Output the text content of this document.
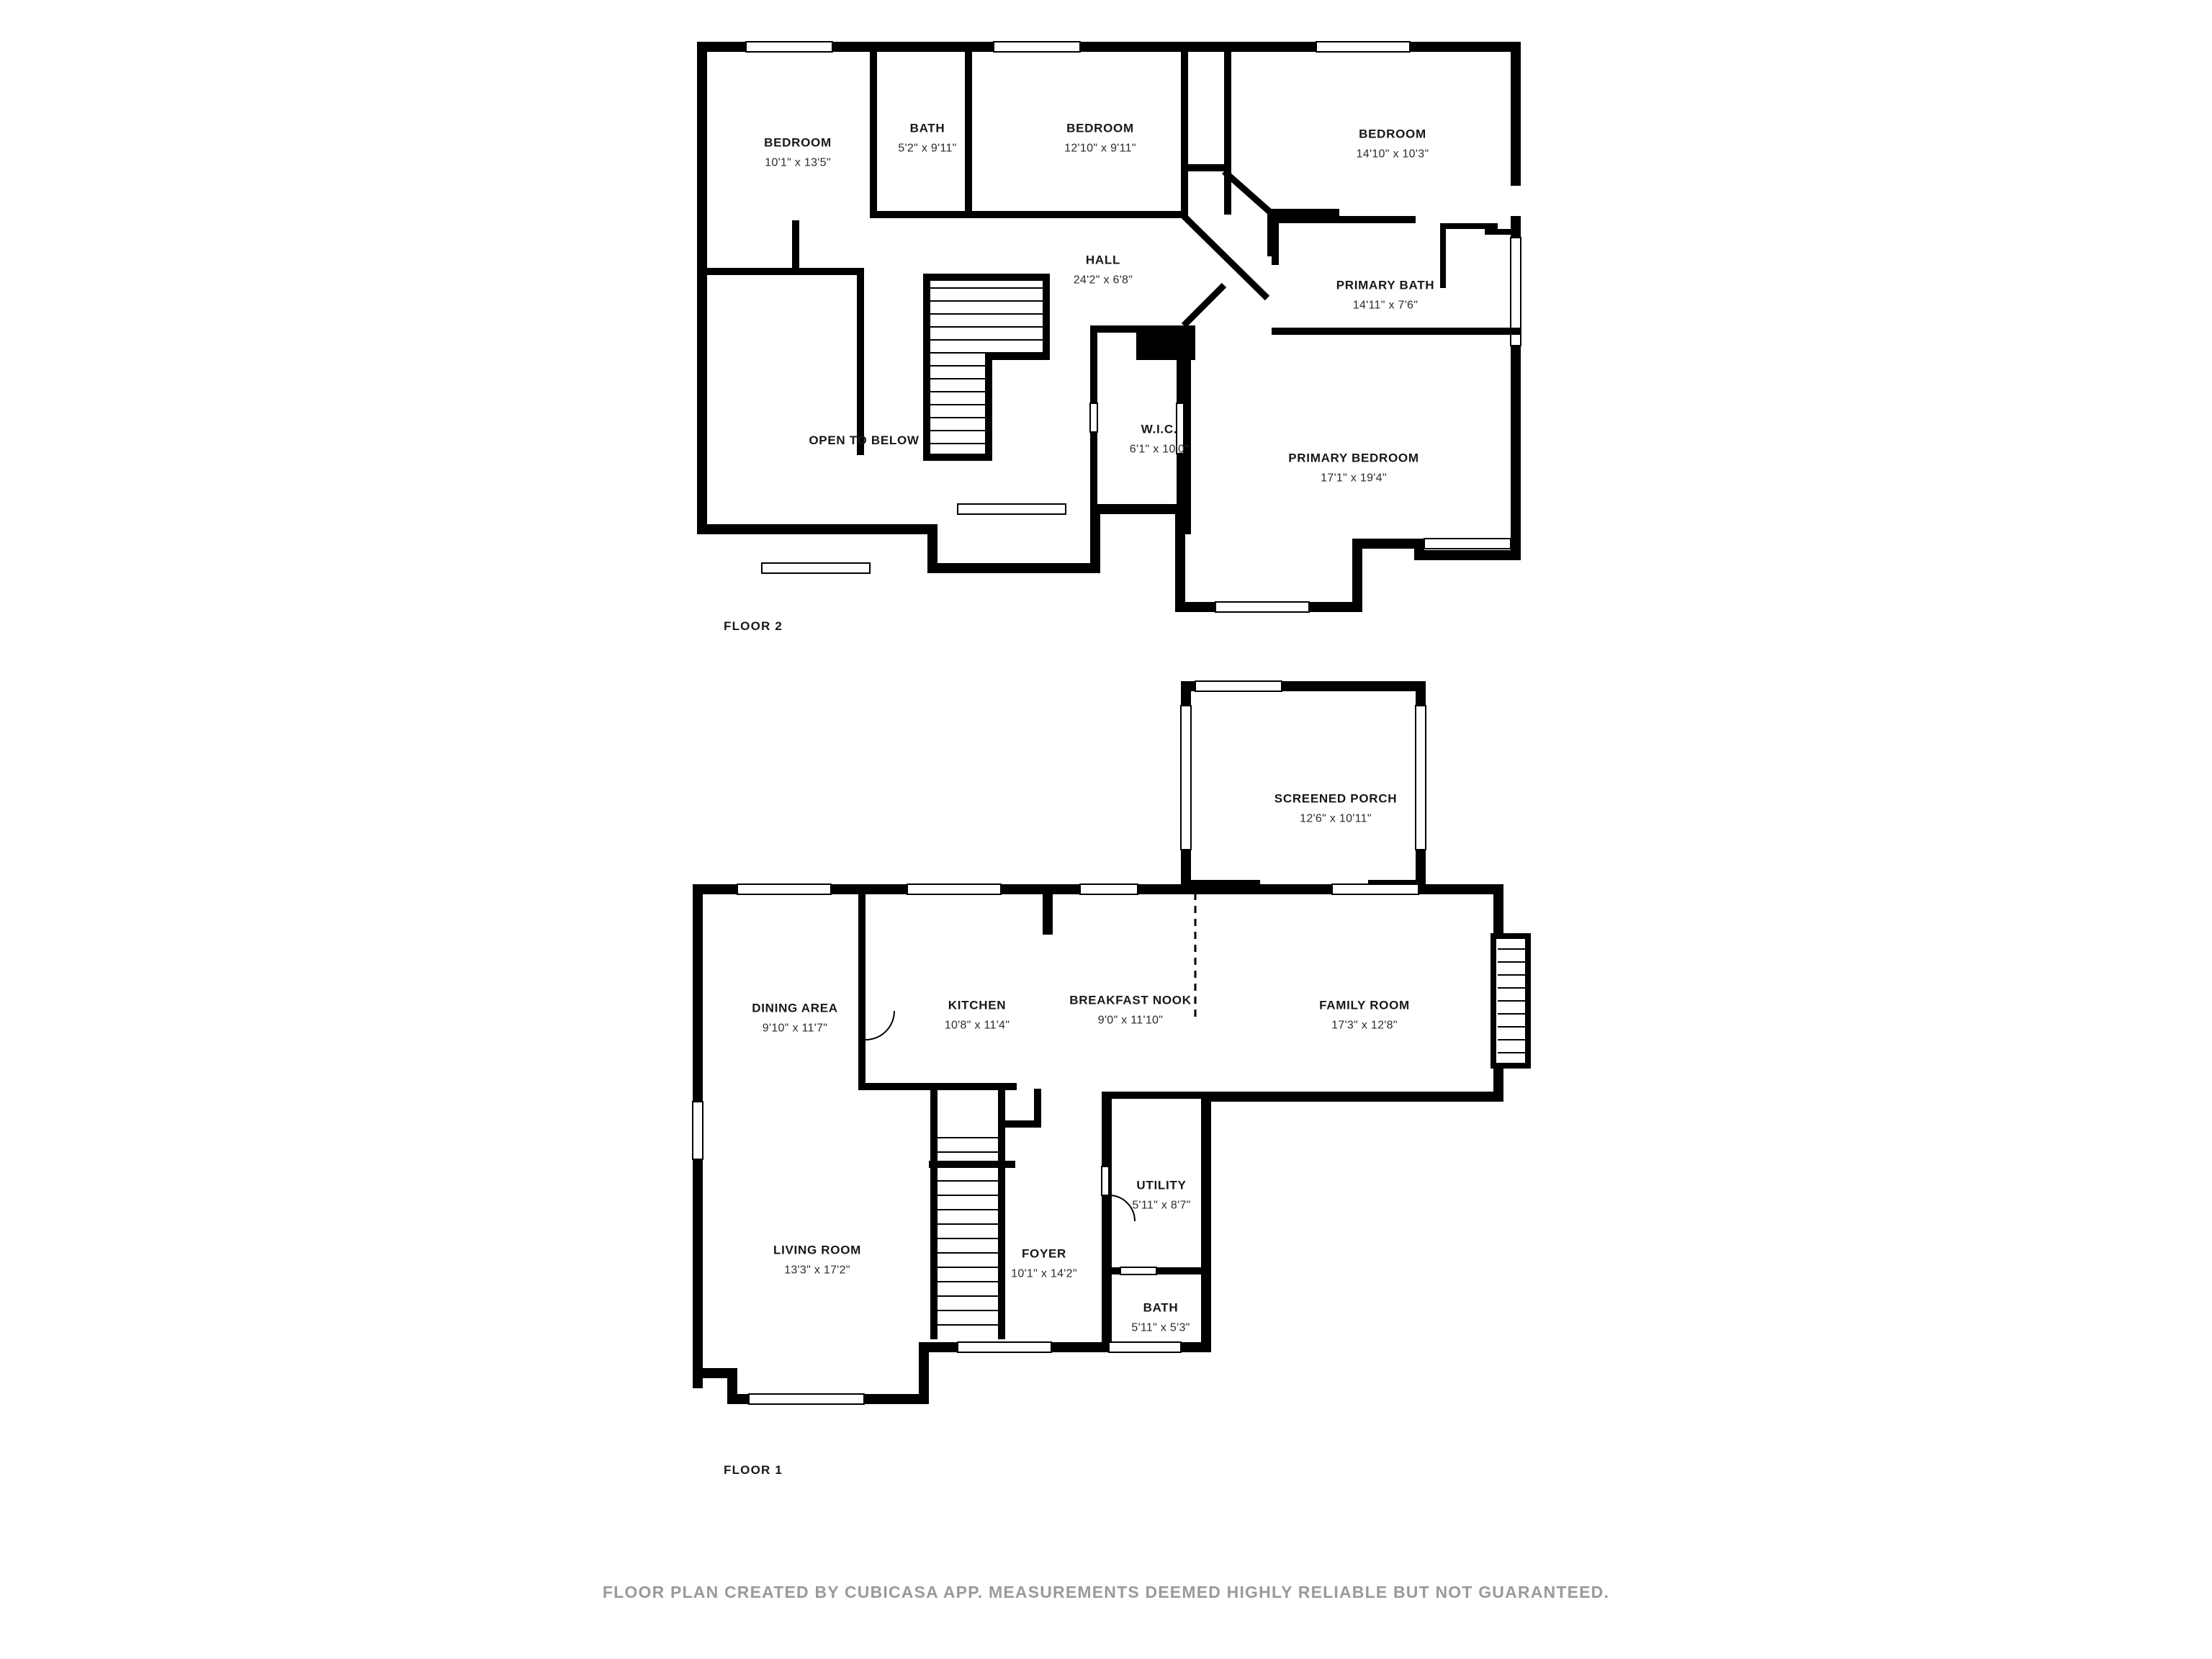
BEDROOM
10'1" x 13'5"
BATH
5'2" x 9'11"
BEDROOM
12'10" x 9'11"
BEDROOM
14'10" x 10'3"
HALL
24'2" x 6'8"	PRIMARY BATH
14'11" x 7'6"
OPEN TO BELOW
W.I.C.
6'1" x 10'0"
PRIMARY BEDROOM
17'1" x 19'4"
FLOOR 2
SCREENED PORCH
12'6" x 10'11"
DINING AREA
9'10" x 11'7"
KITCHEN
10'8" x 11'4"
BREAKFAST NOOK
9'0" x 11'10"
FAMILY ROOM
17'3" x 12'8"
UTILITY
5'11" x 8'7"
LIVING ROOM
13'3" x 17'2"
FOYER
10'1" x 14'2"
BATH
5'11" x 5'3"
FLOOR 1
FLOOR PLAN CREATED BY CUBICASA APP. MEASUREMENTS DEEMED HIGHLY RELIABLE BUT NOT GUARANTEED.
